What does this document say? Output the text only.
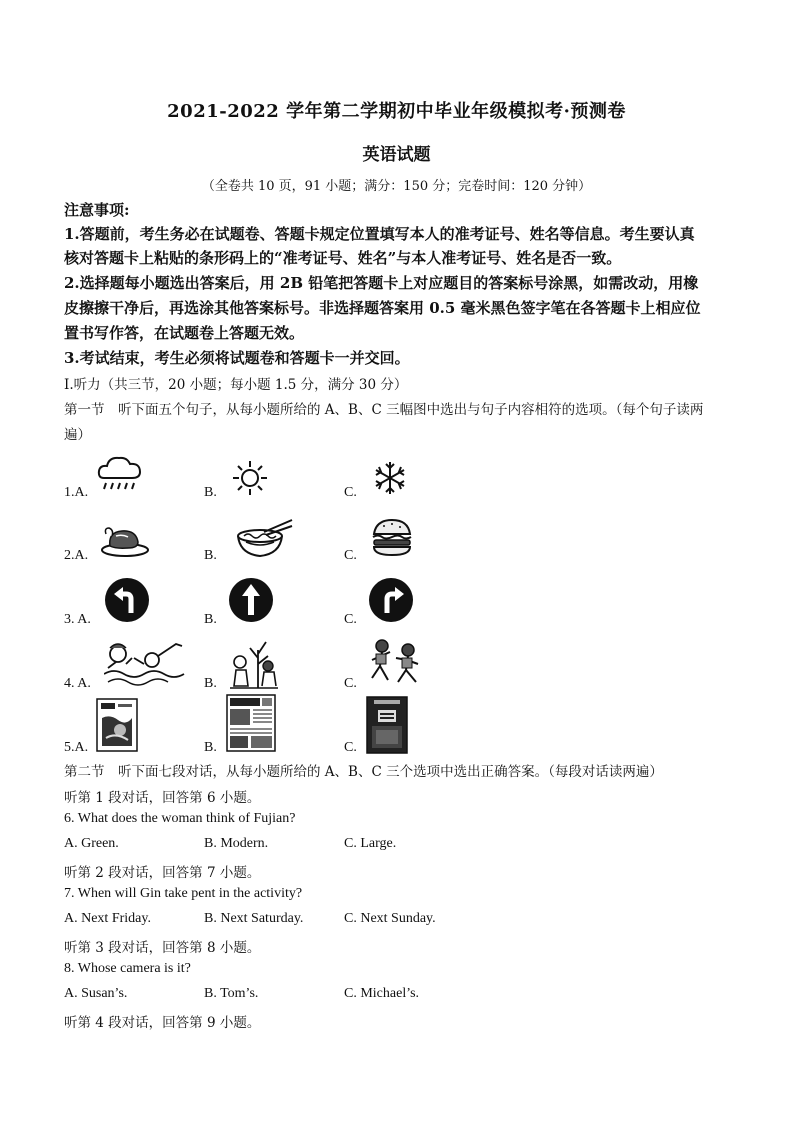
2021-2022 学年第二学期初中毕业年级模拟考·预测卷
英语试题
（全卷共 10 页，91 小题；满分：150 分；完卷时间：120 分钟）
注意事项:
1.答题前，考生务必在试题卷、答题卡规定位置填写本人的准考证号、姓名等信息。考生要认真
核对答题卡上粘贴的条形码上的“准考证号、姓名”与本人准考证号、姓名是否一致。
2.选择题每小题选出答案后，用 2B 铅笔把答题卡上对应题目的答案标号涂黑，如需改动，用橡
皮擦擦干净后，再选涂其他答案标号。非选择题答案用 0.5 毫米黑色签字笔在各答题卡上相应位
置书写作答，在试题卷上答题无效。
3.考试结束，考生必须将试题卷和答题卡一并交回。
Ⅰ.听力（共三节，20 小题；每小题 1.5 分，满分 30 分）
第一节　听下面五个句子，从每小题所给的 A、B、C 三幅图中选出与句子内容相符的选项。（每个句子读两
遍）
1.A.	B.	C.
2.A.	B.	C.
3. A.	B.	C.
4. A.	B.	C.
5.A.	B.	C.
第二节　听下面七段对话，从每小题所给的 A、B、C 三个选项中选出正确答案。（每段对话读两遍）
听第 1 段对话，回答第 6 小题。
6. What does the woman think of Fujian?
A. Green.	B. Modern.	C. Large.
听第 2 段对话，回答第 7 小题。
7. When will Gin take pent in the activity?
A. Next Friday.	B. Next Saturday.	C. Next Sunday.
听第 3 段对话，回答第 8 小题。
8. Whose camera is it?
A. Susan’s.	B. Tom’s.	C. Michael’s.
听第 4 段对话，回答第 9 小题。
